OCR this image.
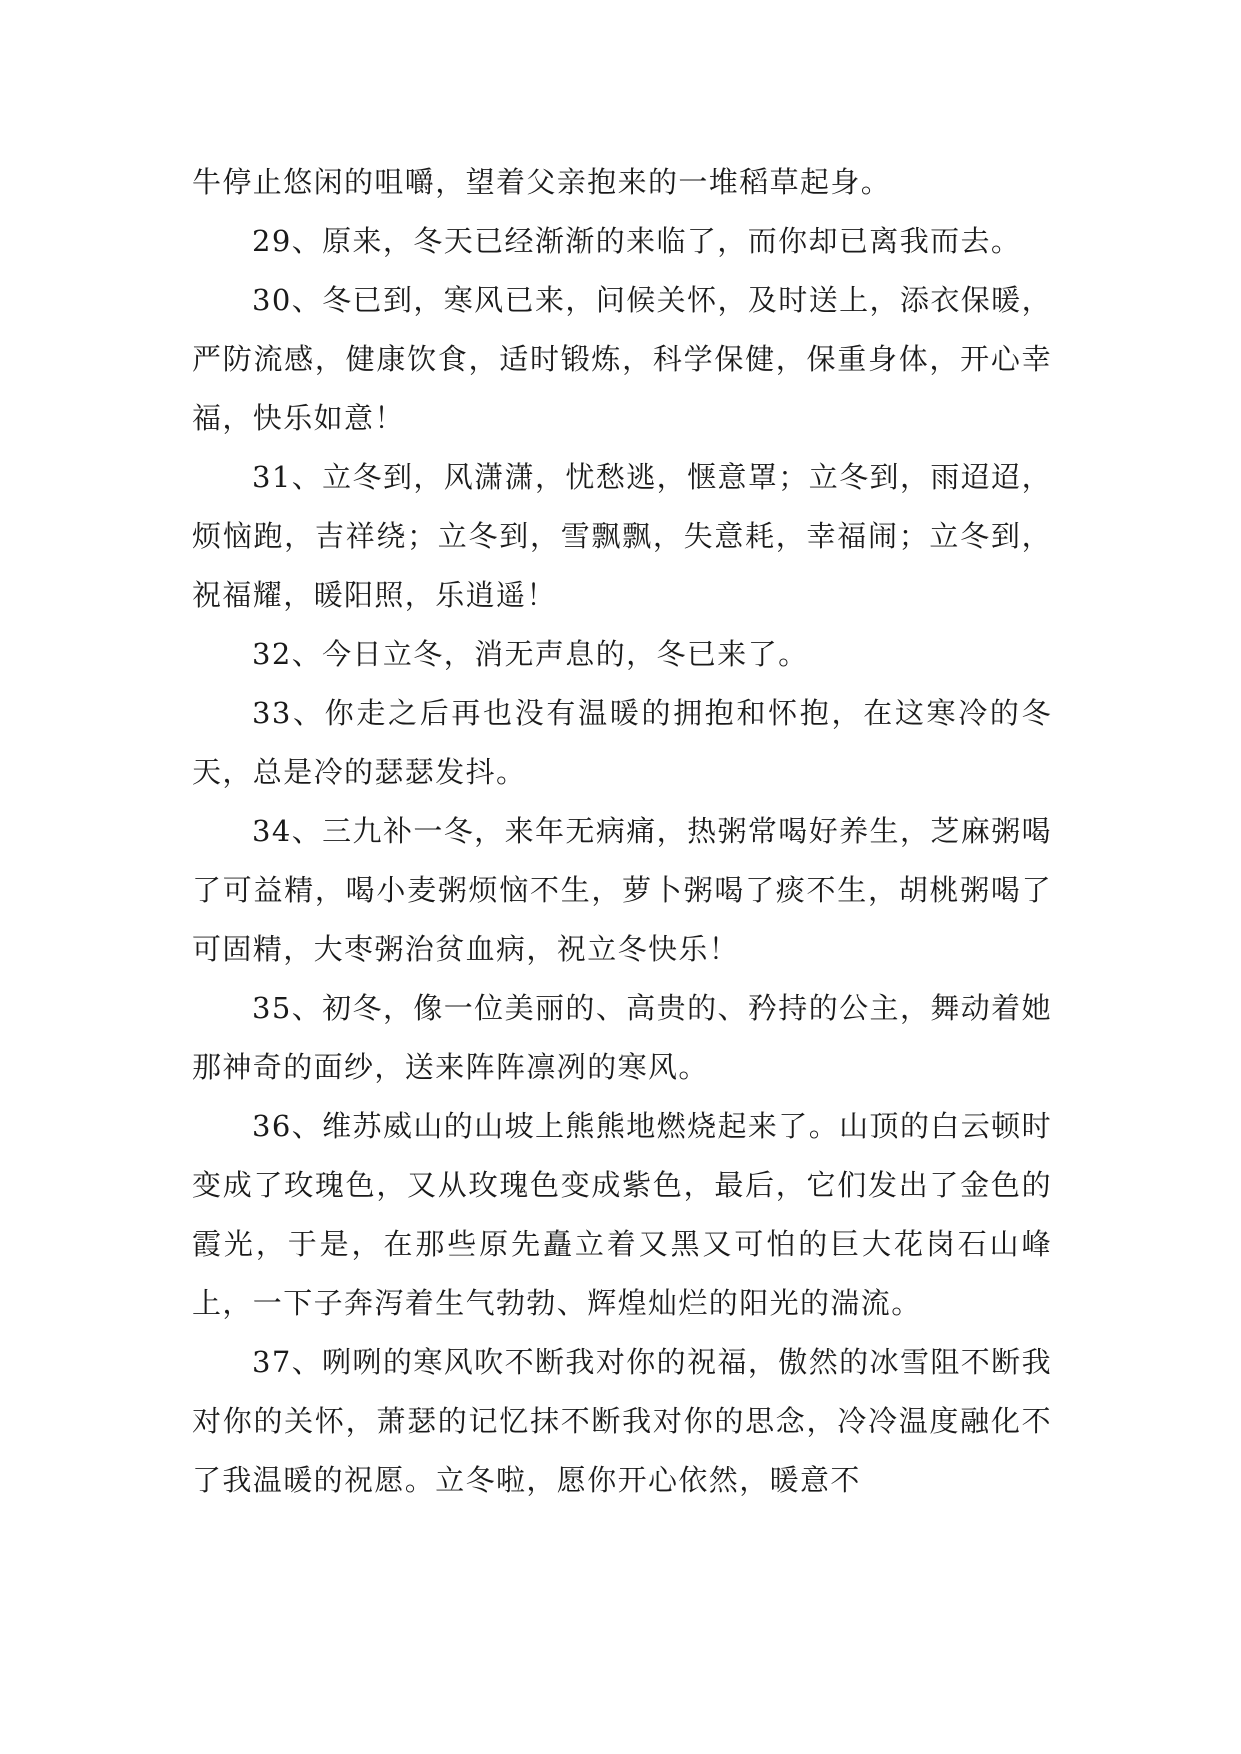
牛停止悠闲的咀嚼，望着父亲抱来的一堆稻草起身。

29、原来，冬天已经渐渐的来临了，而你却已离我而去。

30、冬已到，寒风已来，问候关怀，及时送上，添衣保暖，严防流感，健康饮食，适时锻炼，科学保健，保重身体，开心幸福，快乐如意！

31、立冬到，风潇潇，忧愁逃，惬意罩；立冬到，雨迢迢，烦恼跑，吉祥绕；立冬到，雪飘飘，失意耗，幸福闹；立冬到，祝福耀，暖阳照，乐逍遥！

32、今日立冬，消无声息的，冬已来了。

33、你走之后再也没有温暖的拥抱和怀抱，在这寒冷的冬天，总是冷的瑟瑟发抖。

34、三九补一冬，来年无病痛，热粥常喝好养生，芝麻粥喝了可益精，喝小麦粥烦恼不生，萝卜粥喝了痰不生，胡桃粥喝了可固精，大枣粥治贫血病，祝立冬快乐！

35、初冬，像一位美丽的、高贵的、矜持的公主，舞动着她那神奇的面纱，送来阵阵凛冽的寒风。

36、维苏威山的山坡上熊熊地燃烧起来了。山顶的白云顿时变成了玫瑰色，又从玫瑰色变成紫色，最后，它们发出了金色的霞光，于是，在那些原先矗立着又黑又可怕的巨大花岗石山峰上，一下子奔泻着生气勃勃、辉煌灿烂的阳光的湍流。

37、咧咧的寒风吹不断我对你的祝福，傲然的冰雪阻不断我对你的关怀，萧瑟的记忆抹不断我对你的思念，冷冷温度融化不了我温暖的祝愿。立冬啦，愿你开心依然，暖意不
